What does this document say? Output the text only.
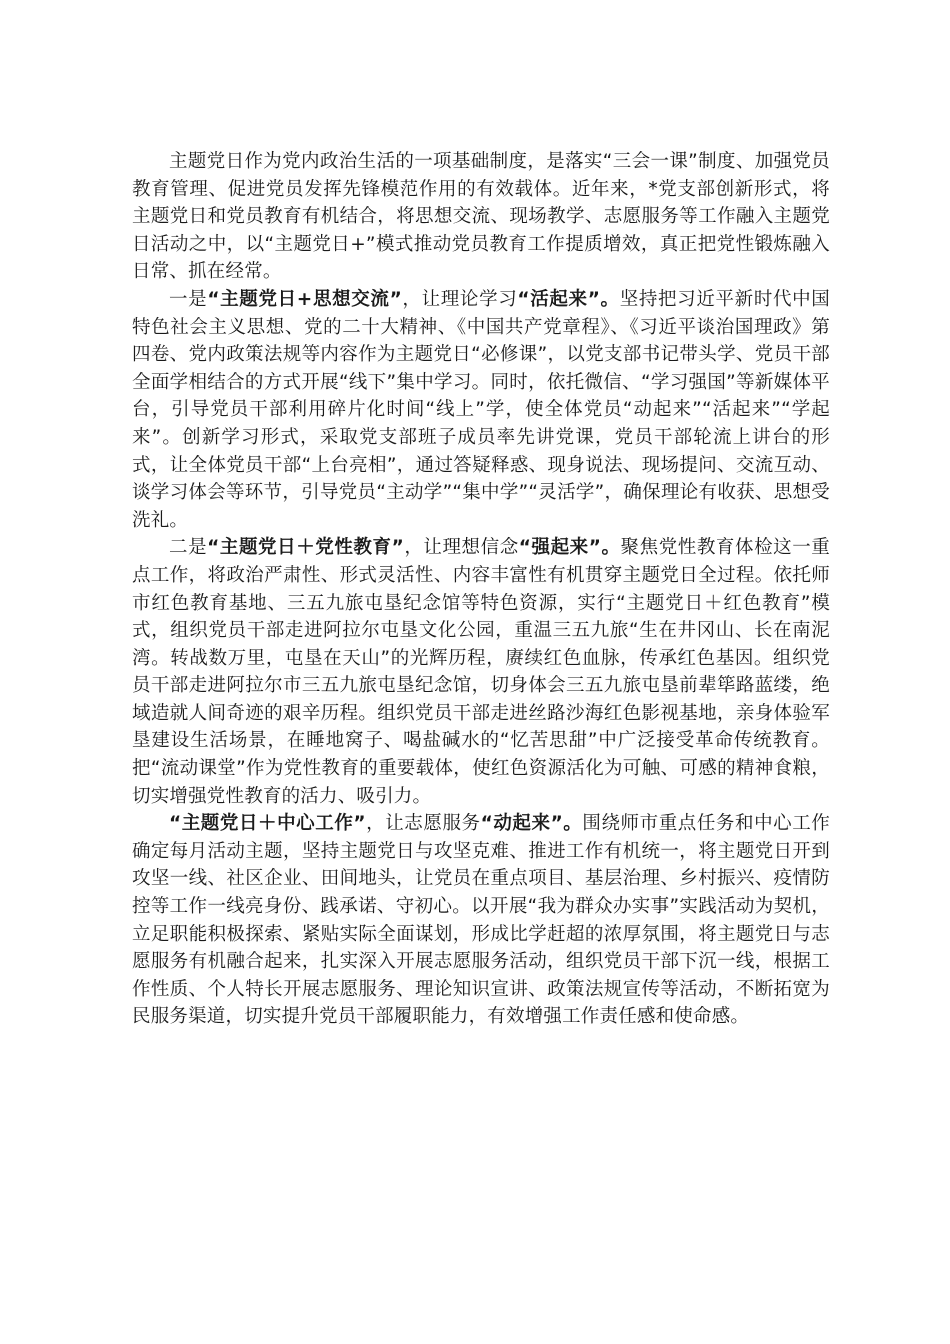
主题党日作为党内政治生活的一项基础制度，是落实“三会一课”制度、加强党员教育管理、促进党员发挥先锋模范作用的有效载体。近年来，*党支部创新形式，将主题党日和党员教育有机结合，将思想交流、现场教学、志愿服务等工作融入主题党日活动之中，以“主题党日+”模式推动党员教育工作提质增效，真正把党性锻炼融入日常、抓在经常。

一是“主题党日+思想交流”，让理论学习“活起来”。坚持把习近平新时代中国特色社会主义思想、党的二十大精神、《中国共产党章程》、《习近平谈治国理政》第四卷、党内政策法规等内容作为主题党日“必修课”，以党支部书记带头学、党员干部全面学相结合的方式开展“线下”集中学习。同时，依托微信、“学习强国”等新媒体平台，引导党员干部利用碎片化时间“线上”学，使全体党员“动起来”“活起来”“学起来”。创新学习形式，采取党支部班子成员率先讲党课，党员干部轮流上讲台的形式，让全体党员干部“上台亮相”，通过答疑释惑、现身说法、现场提问、交流互动、谈学习体会等环节，引导党员“主动学”“集中学”“灵活学”，确保理论有收获、思想受洗礼。

二是“主题党日＋党性教育”，让理想信念“强起来”。聚焦党性教育体检这一重点工作，将政治严肃性、形式灵活性、内容丰富性有机贯穿主题党日全过程。依托师市红色教育基地、三五九旅屯垦纪念馆等特色资源，实行“主题党日＋红色教育”模式，组织党员干部走进阿拉尔屯垦文化公园，重温三五九旅“生在井冈山、长在南泥湾。转战数万里，屯垦在天山”的光辉历程，赓续红色血脉，传承红色基因。组织党员干部走进阿拉尔市三五九旅屯垦纪念馆，切身体会三五九旅屯垦前辈筚路蓝缕，绝域造就人间奇迹的艰辛历程。组织党员干部走进丝路沙海红色影视基地，亲身体验军垦建设生活场景，在睡地窝子、喝盐碱水的“忆苦思甜”中广泛接受革命传统教育。把“流动课堂”作为党性教育的重要载体，使红色资源活化为可触、可感的精神食粮，切实增强党性教育的活力、吸引力。

“主题党日＋中心工作”，让志愿服务“动起来”。围绕师市重点任务和中心工作确定每月活动主题，坚持主题党日与攻坚克难、推进工作有机统一，将主题党日开到攻坚一线、社区企业、田间地头，让党员在重点项目、基层治理、乡村振兴、疫情防控等工作一线亮身份、践承诺、守初心。以开展“我为群众办实事”实践活动为契机，立足职能积极探索、紧贴实际全面谋划，形成比学赶超的浓厚氛围，将主题党日与志愿服务有机融合起来，扎实深入开展志愿服务活动，组织党员干部下沉一线，根据工作性质、个人特长开展志愿服务、理论知识宣讲、政策法规宣传等活动，不断拓宽为民服务渠道，切实提升党员干部履职能力，有效增强工作责任感和使命感。
